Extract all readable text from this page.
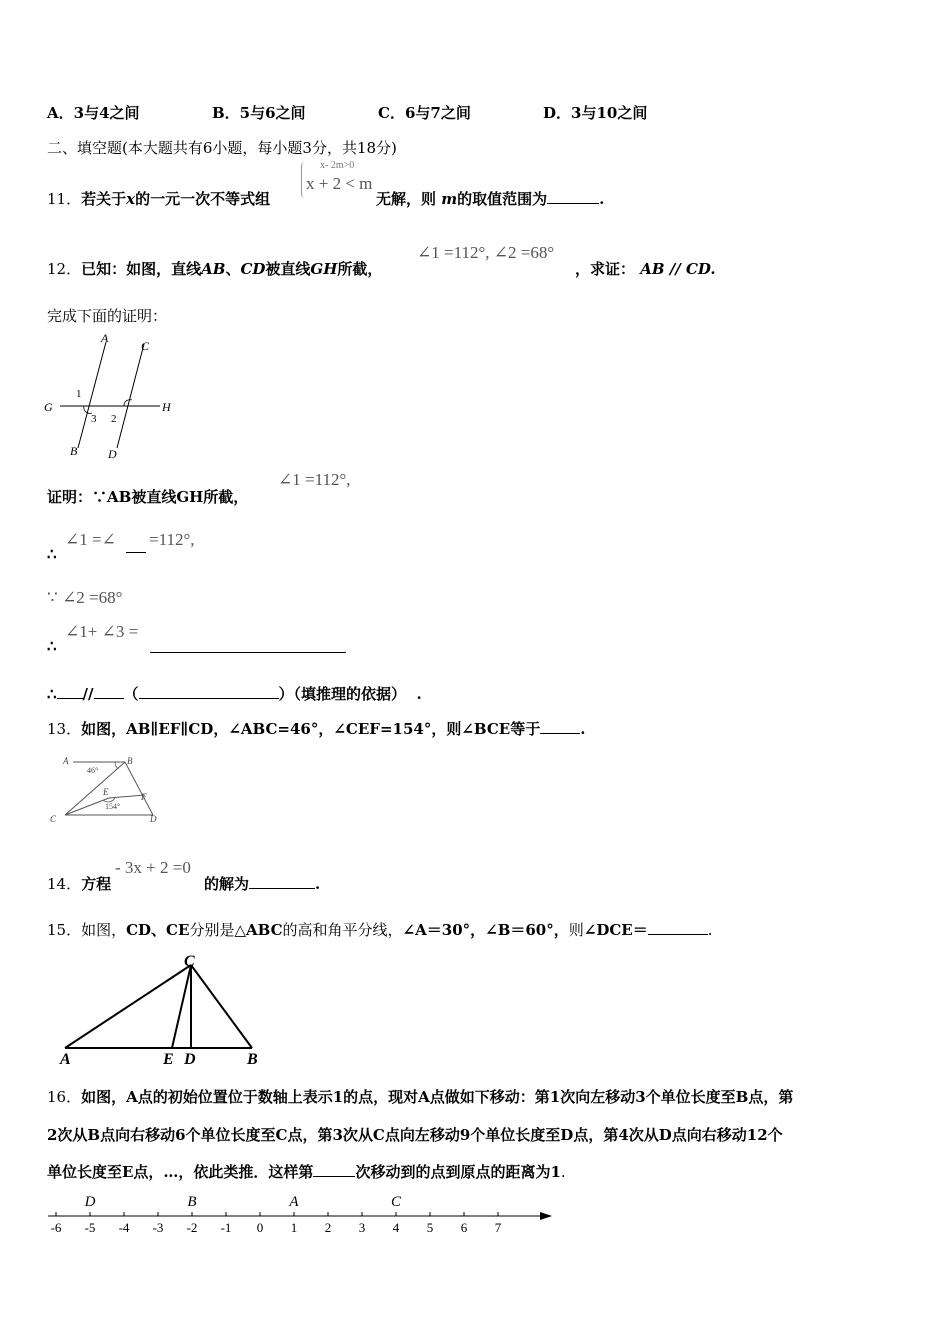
A．3与4之间	B．5与6之间	C．6与7之间	D．3与10之间
二、填空题(本大题共有6小题，每小题3分，共18分)
11．若关于x的一元一次不等式组
x- 2m>0
x + 2 < m
无解，则 m的取值范围为	.
12．已知：如图，直线AB、CD被直线GH所截，
∠1 =112°, ∠2 =68°
，求证： AB // CD.
完成下面的证明：
A
C
G	H
B	D
1
3 2
证明：∵AB被直线GH所截，
∠1 =112°,
∴
∠1 =∠ =112°,
∵ ∠2 =68°
∴
∠1+ ∠3 =
∴ // （	）（填推理的依据） .
13．如图，AB∥EF∥CD，∠ABC=46°，∠CEF=154°，则∠BCE等于	.
A	B
46°
E	F
154°
C	D
14．方程
- 3x + 2 =0
的解为	.
15．如图，CD、CE分别是△ABC的高和角平分线，∠A＝30°，∠B＝60°，则∠DCE＝	.
C
A	E D	B
16．如图，A点的初始位置位于数轴上表示1的点，现对A点做如下移动：第1次向左移动3个单位长度至B点，第
2次从B点向右移动6个单位长度至C点，第3次从C点向左移动9个单位长度至D点，第4次从D点向右移动12个
单位长度至E点，…，依此类推．这样第	次移动到的点到原点的距离为1.
-6 -5 -4 -3 -2 -1 0 1 2 3 4 5 6 7
D	B	A	C
